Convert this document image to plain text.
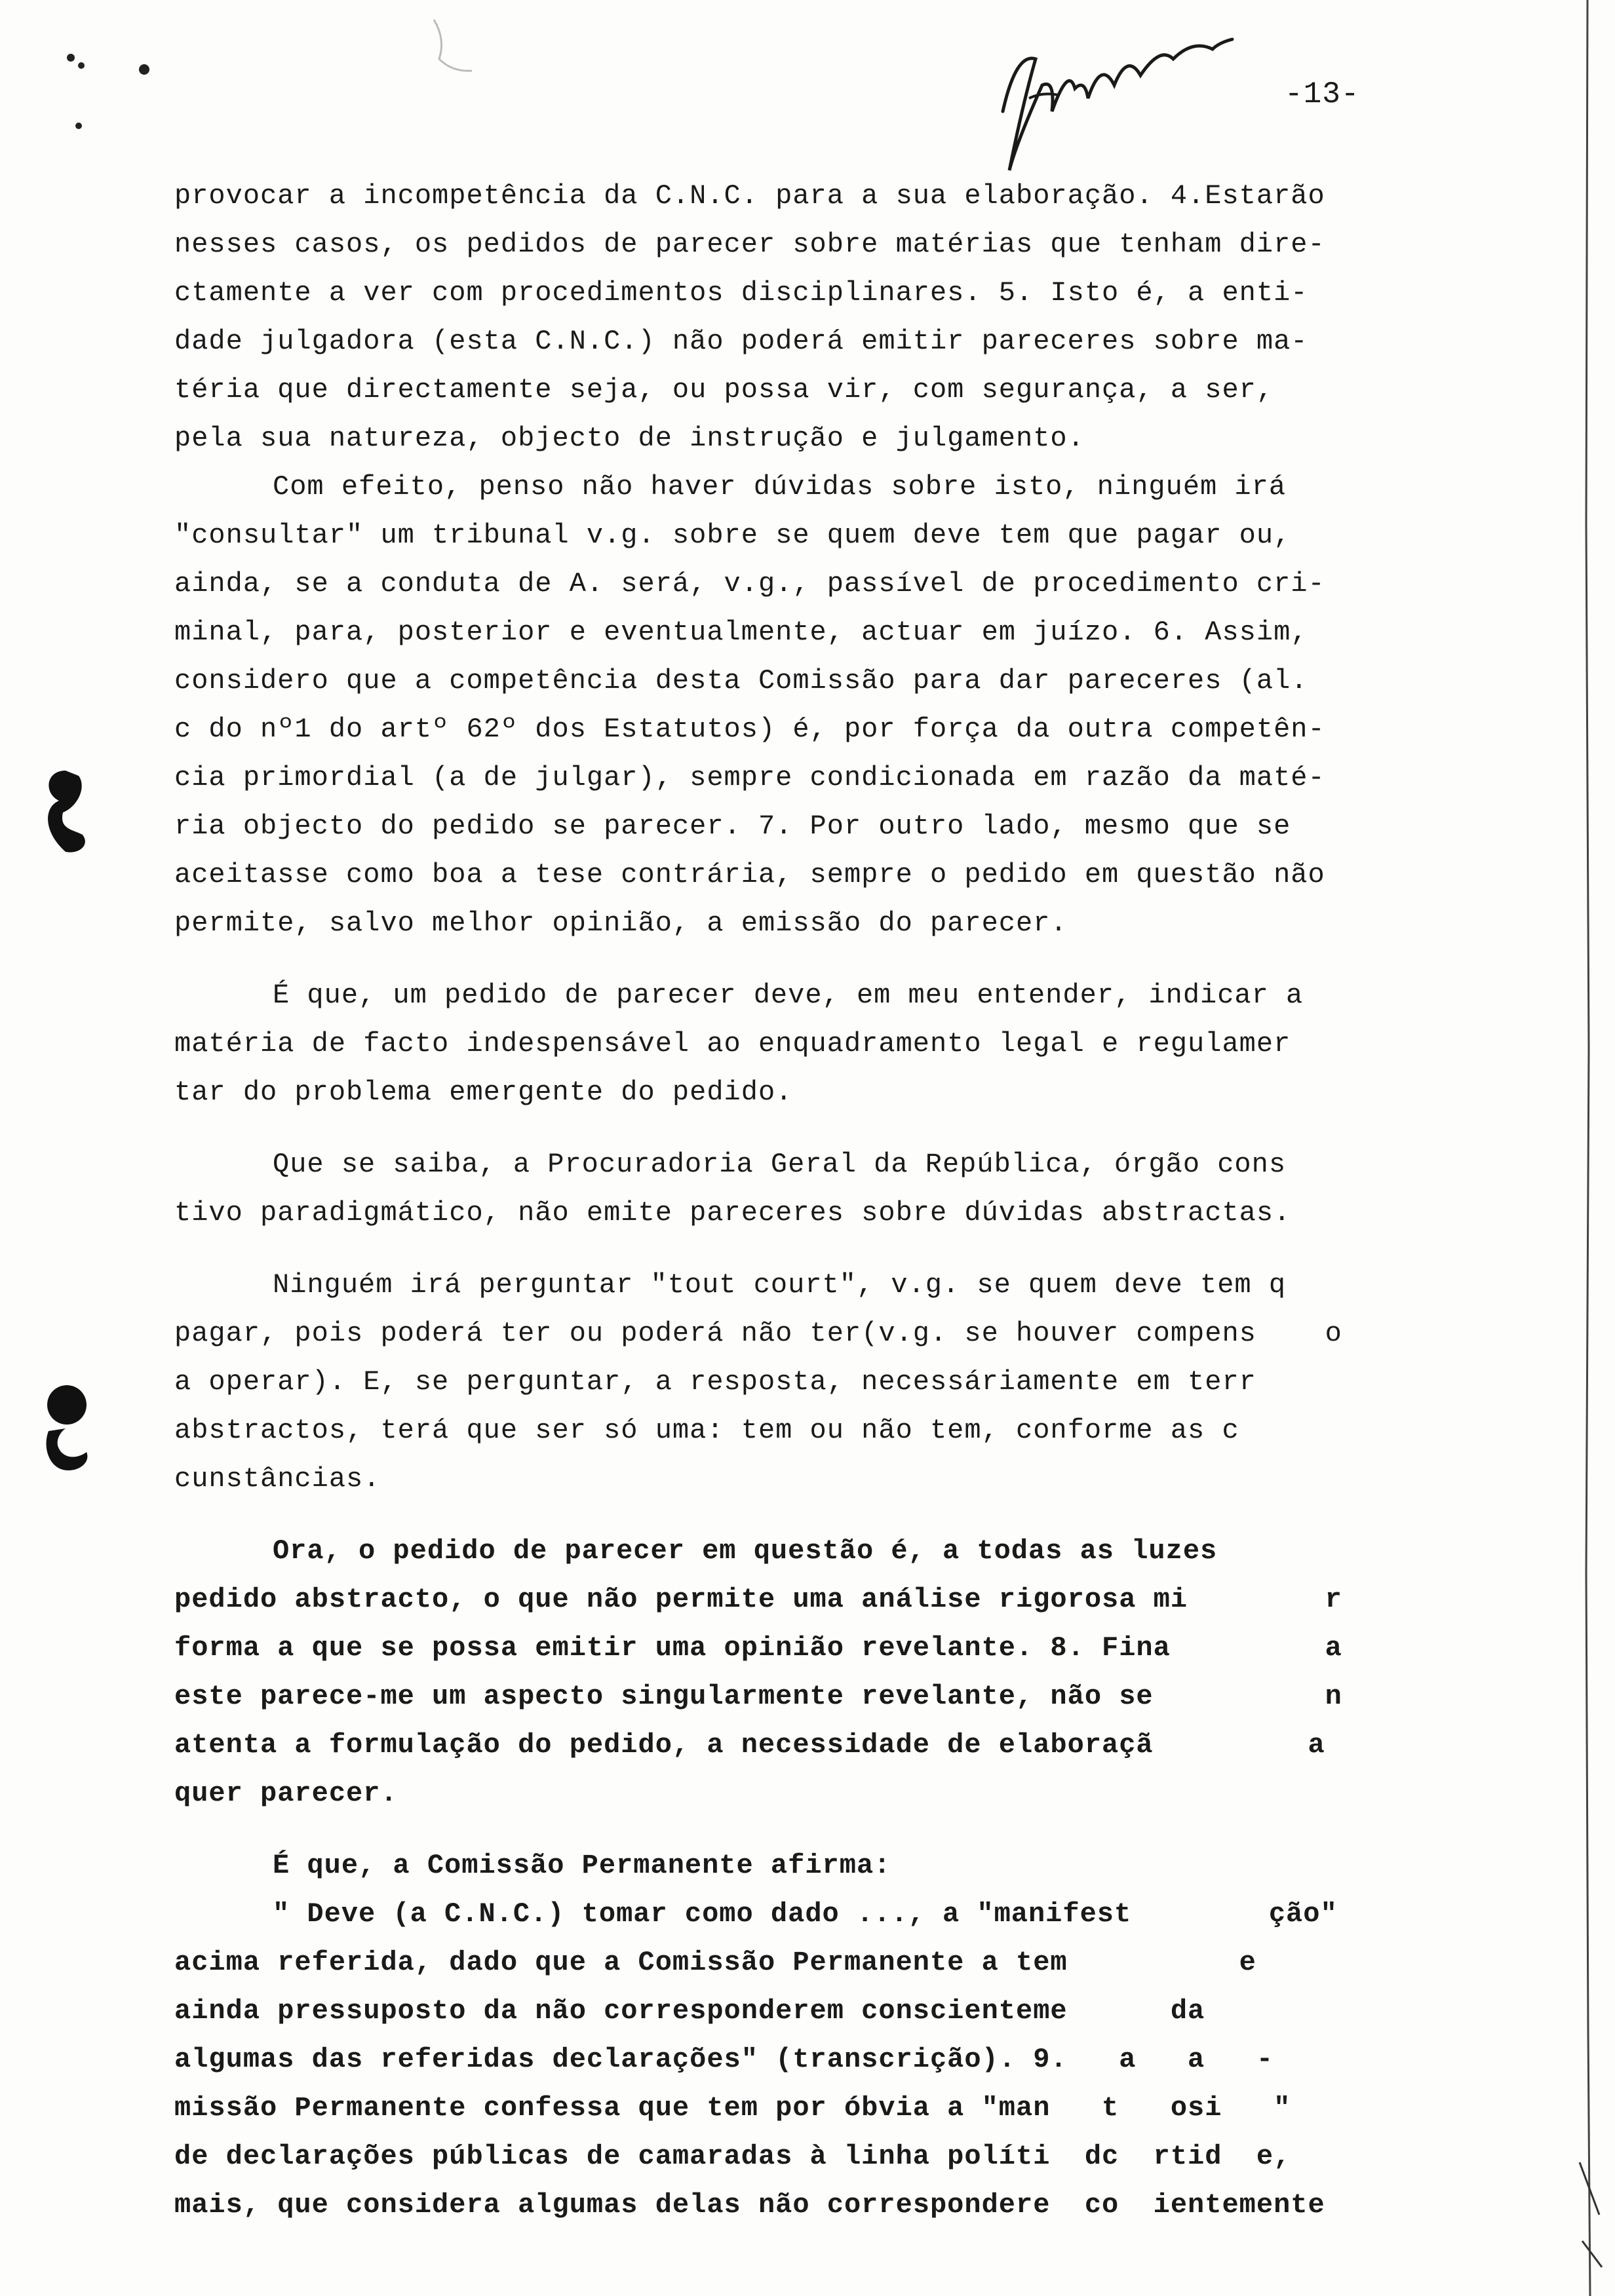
-13-
provocar a incompetência da C.N.C. para a sua elaboração. 4.Estarão
nesses casos, os pedidos de parecer sobre matérias que tenham dire-
ctamente a ver com procedimentos disciplinares. 5. Isto é, a enti-
dade julgadora (esta C.N.C.) não poderá emitir pareceres sobre ma-
téria que directamente seja, ou possa vir, com segurança, a ser,
pela sua natureza, objecto de instrução e julgamento.
Com efeito, penso não haver dúvidas sobre isto, ninguém irá
"consultar" um tribunal v.g. sobre se quem deve tem que pagar ou,
ainda, se a conduta de A. será, v.g., passível de procedimento cri-
minal, para, posterior e eventualmente, actuar em juízo. 6. Assim,
considero que a competência desta Comissão para dar pareceres (al.
c do nº1 do artº 62º dos Estatutos) é, por força da outra competên-
cia primordial (a de julgar), sempre condicionada em razão da maté-
ria objecto do pedido se parecer. 7. Por outro lado, mesmo que se
aceitasse como boa a tese contrária, sempre o pedido em questão não
permite, salvo melhor opinião, a emissão do parecer.
É que, um pedido de parecer deve, em meu entender, indicar a
matéria de facto indespensável ao enquadramento legal e regulamer
tar do problema emergente do pedido.
Que se saiba, a Procuradoria Geral da República, órgão cons
tivo paradigmático, não emite pareceres sobre dúvidas abstractas.
Ninguém irá perguntar "tout court", v.g. se quem deve tem q
pagar, pois poderá ter ou poderá não ter(v.g. se houver compens    o
a operar). E, se perguntar, a resposta, necessáriamente em terr
abstractos, terá que ser só uma: tem ou não tem, conforme as c
cunstâncias.
Ora, o pedido de parecer em questão é, a todas as luzes
pedido abstracto, o que não permite uma análise rigorosa mi        r
forma a que se possa emitir uma opinião revelante. 8. Fina         a
este parece-me um aspecto singularmente revelante, não se          n
atenta a formulação do pedido, a necessidade de elaboraçã         a
quer parecer.
É que, a Comissão Permanente afirma:
" Deve (a C.N.C.) tomar como dado ..., a "manifest        ção"
acima referida, dado que a Comissão Permanente a tem          e
ainda pressuposto da não corresponderem conscienteme      da
algumas das referidas declarações" (transcrição). 9.   a   a   -
missão Permanente confessa que tem por óbvia a "man   t   osi   "
de declarações públicas de camaradas à linha políti  dc  rtid  e,
mais, que considera algumas delas não correspondere  co  ientemente
